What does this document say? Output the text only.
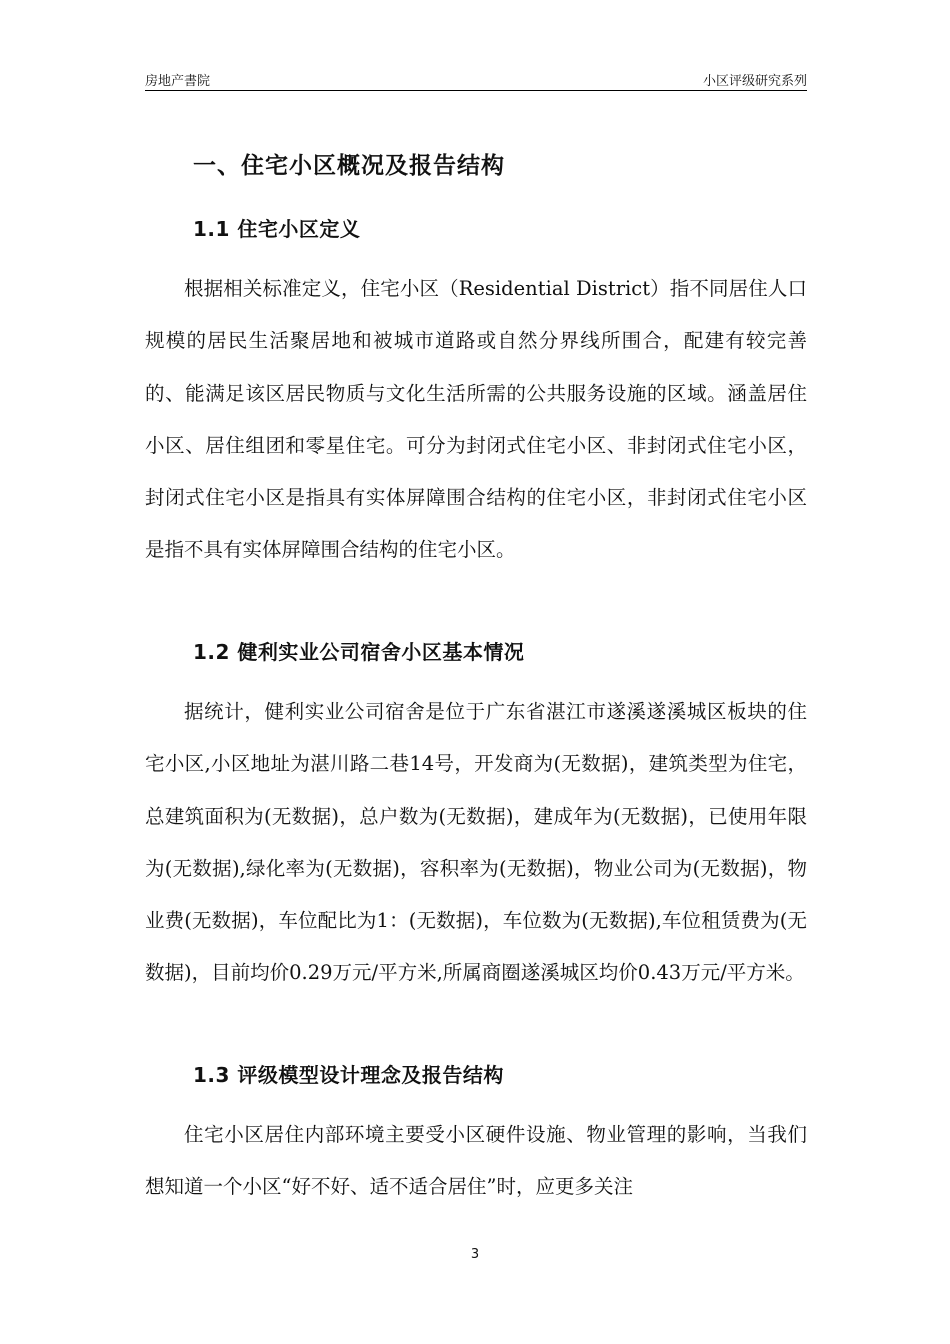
房地产書院	小区评级研究系列
一、住宅小区概况及报告结构
1.1 住宅小区定义

根据相关标准定义，住宅小区（Residential District）指不同居住人口规模的居民生活聚居地和被城市道路或自然分界线所围合，配建有较完善的、能满足该区居民物质与文化生活所需的公共服务设施的区域。涵盖居住小区、居住组团和零星住宅。可分为封闭式住宅小区、非封闭式住宅小区，封闭式住宅小区是指具有实体屏障围合结构的住宅小区，非封闭式住宅小区是指不具有实体屏障围合结构的住宅小区。

1.2 健利实业公司宿舍小区基本情况

据统计，健利实业公司宿舍是位于广东省湛江市遂溪遂溪城区板块的住宅小区,小区地址为湛川路二巷14号，开发商为(无数据)，建筑类型为住宅，总建筑面积为(无数据)，总户数为(无数据)，建成年为(无数据)，已使用年限为(无数据),绿化率为(无数据)，容积率为(无数据)，物业公司为(无数据)，物业费(无数据)，车位配比为1：(无数据)，车位数为(无数据),车位租赁费为(无数据)，目前均价0.29万元/平方米,所属商圈遂溪城区均价0.43万元/平方米。

1.3 评级模型设计理念及报告结构

住宅小区居住内部环境主要受小区硬件设施、物业管理的影响，当我们想知道一个小区“好不好、适不适合居住”时，应更多关注

3
